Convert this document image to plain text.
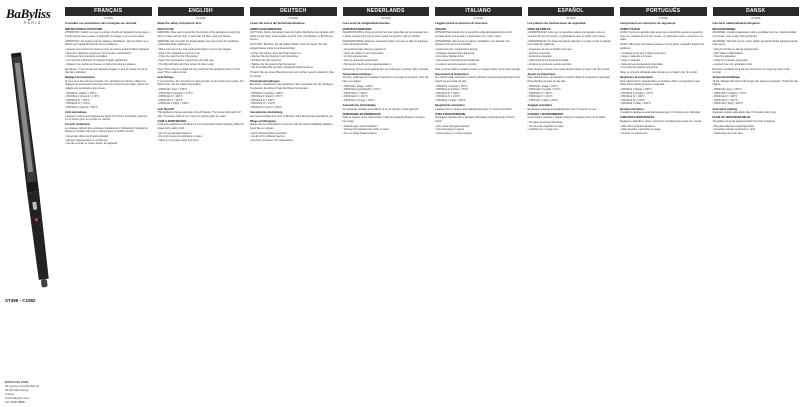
BaByliss
PARIS
ST496 - C1082
BABYLISS SARL
99 avenue Aristide Briand
92120 Montrouge
France
www.babyliss.com
Tel: 0800 8888
FRANÇAIS
ST496E
Consultez ces précautions des consignes de sécurité.
INSTRUCTIONS D'UTILISATION
ATTENTION ! Veillez à ce que la surface chauffe de l'appareil n'entre pas en contact direct avec la peau en particulier du visage, le cou ou les mains.
ATTENTION ! Ne touchez pas les plaques chauffantes. Ne les plaisez ni ne laissez pas l'appareil branché sans surveillance.
• Assurez-vous d'avoir les cheveux secs et propres avant d'utiliser l'appareil.
• Branchez l'appareil et appuyez sur le bouton marche/arrêt.
• Choisissez la température souhaitée.
• Les témoins s'allument et l'appareil chauffe rapidement.
• Séparez une mèche de cheveux et placez-la entre les plaques.
Remarque : il est normal que l'appareil dégage un peu de fumée lors de la première utilisation.
Réglages de température
Si vous avez des cheveux bouclés, fins, décolorés ou colorés, utilisez les réglages de température plus bas. Pour des cheveux plus épais, utilisez les réglages de température plus élevés.
• PROFILE I (faible) = 150°C
• PROFILE II (moyen) = 170°C
• PROFILE III = 190°C
• PROFILE IV = 210°C
• PROFILE V (élevé) = 230°C
Arrêt automatique
L'appareil s'éteint automatiquement après 72 minutes d'inactivité. Appuyez sur le bouton pour le remettre en marche.
Conseils d'utilisation
Les plaques doivent être nettoyées régulièrement. Débranchez l'appareil et laissez-le refroidir avant de le nettoyer avec un chiffon humide.
• Ne jamais utiliser de produits abrasifs.
• Ranger l'appareil dans un endroit sec.
• Ne pas enrouler le cordon autour de l'appareil.
ENGLISH
ST496E
Read the safety instructions first.
HOW TO USE
WARNING: Take care to avoid the hot surface of the appliance coming into direct contact with the skin, in particular the face, neck and hands.
WARNING: Do not touch the heated plates and never leave the appliance unattended while switched on.
• Make sure hair is dry and combed through to remove any tangles.
• Plug in the straightener and turn it on.
• Press the switch to the ON position.
• Select the temperature required for your hair type.
• The light will flash and then remain lit when ready.
Note: There may be a slight burning smell from the appliance when it's first used. This is quite normal.
Heat Settings
If you have fine, thin, bleached or coloured hair use the lower heat setting. For thicker hair, use the higher heat setting.
• PROFILE I (low) = 150°C
• PROFILE II (medium) = 170°C
• PROFILE III = 190°C
• PROFILE IV = 210°C
• PROFILE V (high) = 230°C
Auto Shut-Off
This appliance has an automatic shut-off feature. The product will switch off after 72 minutes without use. Press the switch again to restart.
CARE & MAINTENANCE
Unplug the appliance and allow it to cool completely before cleaning. Wipe the plates with a damp cloth.
• Do not use abrasive cleaners.
• Do not immerse the appliance in water.
• Store in a dry place away from heat.
DEUTSCH
ST496E
Lesen Sie zuerst die Sicherheitshinweise.
GEBRAUCHSANWEISUNG
ACHTUNG: Achten Sie darauf, dass die heiße Oberfläche des Gerätes nicht direkt mit der Haut, insbesondere Gesicht, Hals und Händen, in Berührung kommt.
ACHTUNG: Berühren Sie die heißen Platten nicht und lassen Sie das eingeschaltete Gerät nie unbeaufsichtigt.
• Achten Sie darauf, dass das Haar trocken ist.
• Stecken Sie den Stecker in die Steckdose.
• Schalten Sie das Gerät ein.
• Wählen Sie die gewünschte Temperatur.
• Die Kontrollleuchte leuchtet, sobald das Gerät bereit ist.
Hinweis: Bei der ersten Benutzung kann ein leichter Geruch entstehen. Dies ist normal.
Temperatureinstellungen
Bei feinem, blondiertem oder gefärbtem Haar verwenden Sie die niedrigere Temperatur, bei dickem Haar die höhere Temperatur.
• PROFILE I (niedrig) = 150°C
• PROFILE II (mittel) = 170°C
• PROFILE III = 190°C
• PROFILE IV = 210°C
• PROFILE V (hoch) = 230°C
Automatische Abschaltung
Das Gerät schaltet sich nach 72 Minuten ohne Benutzung automatisch aus.
Pflege und Reinigung
Ziehen Sie den Netzstecker und lassen Sie das Gerät vollständig abkühlen, bevor Sie es reinigen.
• Keine Scheuermittel verwenden.
• Gerät nicht in Wasser tauchen.
• An einem trockenen Ort aufbewahren.
NEDERLANDS
ST496E
Lees eerst de veiligheidsinstructies.
GEBRUIKSAANWIJZING
WAARSCHUWING: Zorg ervoor dat het hete oppervlak van het apparaat niet in direct contact komt met de huid, vooral met gezicht, hals en handen.
WAARSCHUWING: Raak de verwarmde platen niet aan en laat het apparaat nooit onbeheerd achter.
• Zorg dat het haar droog en gekamd is.
• Steek de stekker in het stopcontact.
• Zet het apparaat aan.
• Kies de gewenste temperatuur.
• Het lampje brandt als het apparaat klaar is.
Opmerking: bij het eerste gebruik kan een lichte geur ontstaan. Dit is normaal.
Temperatuurinstellingen
Voor fijn, geblondeerd of gekleurd haar kiest u een lage temperatuur. Voor dik haar een hogere.
• PROFILE I (laag) = 150°C
• PROFILE II (gemiddeld) = 170°C
• PROFILE III = 190°C
• PROFILE IV = 210°C
• PROFILE V (hoog) = 230°C
Automatische uitschakeling
Het apparaat schakelt automatisch uit na 72 minuten zonder gebruik.
VERZORGING EN ONDERHOUD
Haal de stekker uit het stopcontact en laat het apparaat afkoelen voordat u het reinigt.
• Gebruik geen schuurmiddelen.
• Dompel het apparaat niet onder in water.
• Op een droge plaats bewaren.
ITALIANO
ST496E
Leggere prima le istruzioni di sicurezza.
UTILIZZO
ATTENZIONE: Evitare che la superficie calda dell'apparecchio entri in contatto diretto con la pelle, in particolare viso, collo e mani.
ATTENZIONE: Non toccare le piastre riscaldanti e non lasciare mai l'apparecchio acceso incustodito.
• Assicurarsi che i capelli siano asciutti.
• Collegare l'apparecchio alla presa.
• Accendere l'apparecchio.
• Selezionare la temperatura desiderata.
• La spia si accende quando è pronto.
Nota: al primo utilizzo potrebbe esserci un leggero odore. È del tutto normale.
Impostazioni di temperatura
Per capelli sottili, decolorati o colorati utilizzare la temperatura più bassa. Per capelli spessi quella più alta.
• PROFILE I (bassa) = 150°C
• PROFILE II (media) = 170°C
• PROFILE III = 190°C
• PROFILE IV = 210°C
• PROFILE V (alta) = 230°C
Spegnimento automatico
L'apparecchio si spegne automaticamente dopo 72 minuti di inutilizzo.
CURA E MANUTENZIONE
Scollegare l'apparecchio e lasciarlo raffreddare completamente prima di pulirlo.
• Non usare detergenti abrasivi.
• Non immergere in acqua.
• Conservare in un luogo asciutto.
ESPAÑOL
ST496E
Lea primero las instrucciones de seguridad.
MODO DE EMPLEO
¡ADVERTENCIA!: Evite que la superficie caliente del aparato entre en contacto directo con la piel, en particular la cara, el cuello y las manos.
¡ADVERTENCIA!: No toque las placas calientes y no deje nunca el aparato encendido sin vigilancia.
• Asegúrese de que el cabello esté seco.
• Enchufe el aparato.
• Encienda el aparato.
• Seleccione la temperatura deseada.
• El piloto se enciende cuando está listo.
Nota: durante el primer uso puede desprenderse un ligero olor. Es normal.
Ajustes de temperatura
Para cabellos finos, decolorados o teñidos utilice la temperatura más baja. Para cabellos gruesos la más alta.
• PROFILE I (baja) = 150°C
• PROFILE II (media) = 170°C
• PROFILE III = 190°C
• PROFILE IV = 210°C
• PROFILE V (alta) = 230°C
Apagado automático
El aparato se apaga automáticamente tras 72 minutos sin uso.
CUIDADO Y MANTENIMIENTO
Desenchufe el aparato y déjelo enfriar por completo antes de limpiarlo.
• No utilice productos abrasivos.
• No sumerja el aparato en agua.
• Guárdelo en un lugar seco.
PORTUGUÊS
ST496E
Leia primeiro as instruções de segurança.
COMO UTILIZAR
AVISO: Tenha em atenção para evitar que a superfície quente do aparelho entre em contacto directo com a pele, em particular a cara, o pescoço e as mãos.
AVISO: Não toque nas placas quentes e nunca deixe o aparelho ligado sem vigilância.
• Certifique-se de que o cabelo está seco.
• Ligue o aparelho à tomada.
• Ligue o aparelho.
• Seleccione a temperatura pretendida.
• A luz acende quando está pronto.
Nota: na primeira utilização pode libertar-se um ligeiro odor. É normal.
Regulações de temperatura
Para cabelos finos, descolorados ou pintados utilize a temperatura mais baixa. Para cabelos grossos a mais alta.
• PROFILE I (baixa) = 150°C
• PROFILE II (média) = 170°C
• PROFILE III = 190°C
• PROFILE IV = 210°C
• PROFILE V (alta) = 230°C
Desligar automático
O aparelho desliga-se automaticamente após 72 minutos sem utilização.
CUIDADOS E MANUTENÇÃO
Desligue o aparelho e deixe-o arrefecer completamente antes de o limpar.
• Não utilize produtos abrasivos.
• Não mergulhe o aparelho em água.
• Guarde num local seco.
DANSK
ST496E
Læs først sikkerhedsanvisningerne.
BRUGSANVISNING
ADVARSEL: Undgå at apparatets varme overflade kommer i direkte kontakt med huden, især ansigt, hals og hænder.
ADVARSEL: Rør ikke ved de varme plader og efterlad aldrig apparatet tændt uden opsyn.
• Sørg for at håret er tørt og redt igennem.
• Sæt stikket i stikkontakten.
• Tænd for apparatet.
• Vælg den ønskede temperatur.
• Lampen lyser når apparatet er klar.
Bemærk: ved første brug kan der forekomme en svag lugt. Det er helt normalt.
Temperaturindstillinger
Til fint, afbleget eller farvet hår bruges den laveste temperatur. Til tykt hår den højeste.
• PROFILE I (lav) = 150°C
• PROFILE II (middel) = 170°C
• PROFILE III = 190°C
• PROFILE IV = 210°C
• PROFILE V (høj) = 230°C
Automatisk slukning
Apparatet slukker automatisk efter 72 minutter uden brug.
PLEJE OG VEDLIGEHOLDELSE
Tag stikket ud og lad apparatet køle helt af før rengøring.
• Brug ikke slibende rengøringsmidler.
• Apparatet må ikke nedsænkes i vand.
• Opbevares på et tørt sted.
